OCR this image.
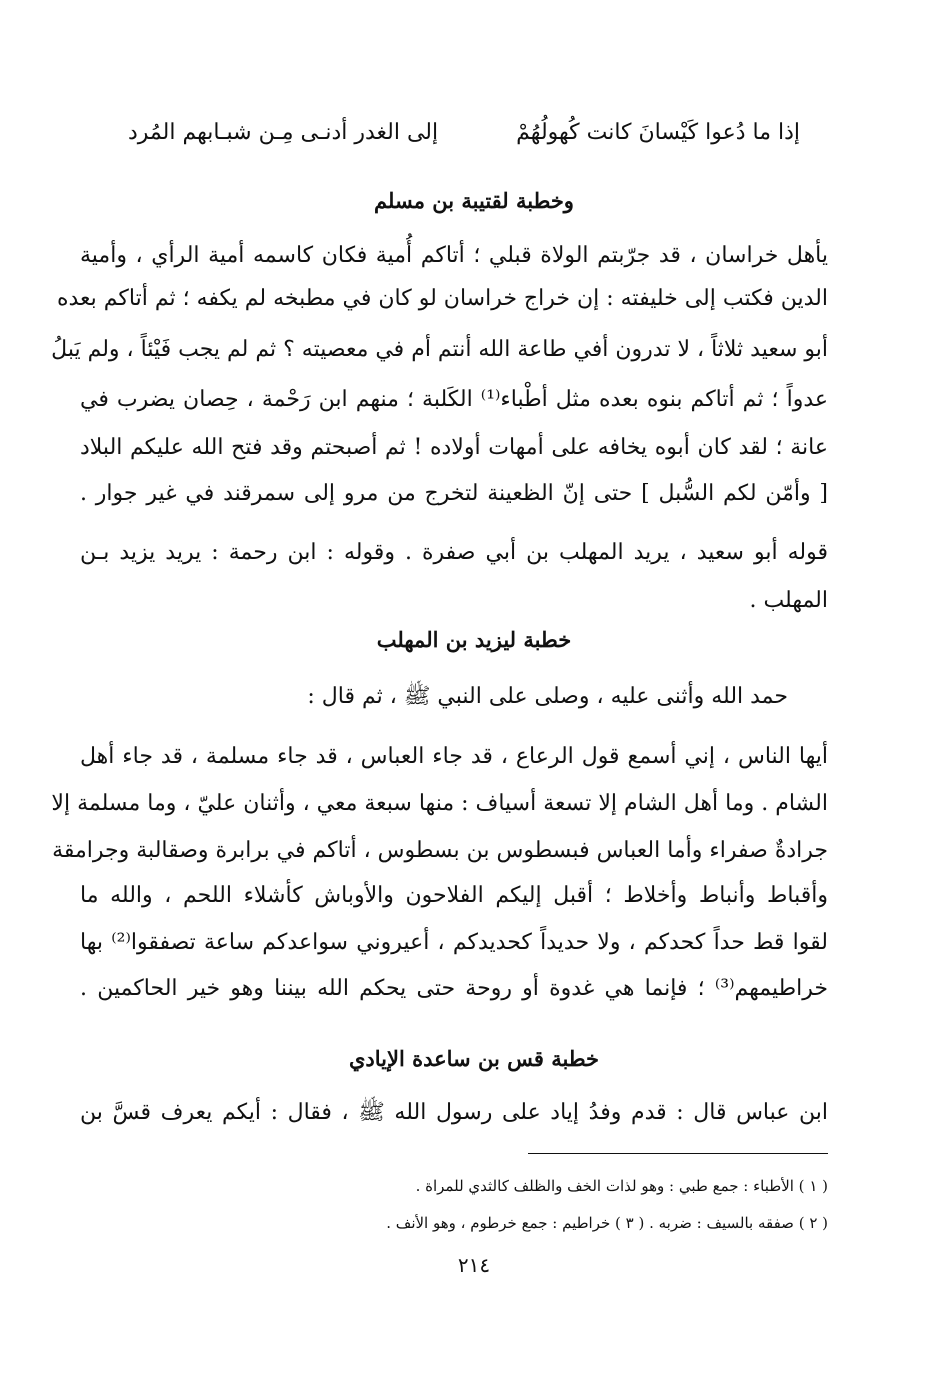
إذا ما دُعوا كَيْسانَ كانت كُهولُهُمْ
إلى الغدر أدنـى مِـن شبـابهم المُرد
وخطبة لقتيبة بن مسلم
يأهل خراسان ، قد جرّبتم الولاة قبلي ؛ أتاكم أُمية فكان كاسمه أمية الرأي ، وأمية
الدين فكتب إلى خليفته : إن خراج خراسان لو كان في مطبخه لم يكفه ؛ ثم أتاكم بعده
أبو سعيد ثلاثاً ، لا تدرون أفي طاعة الله أنتم أم في معصيته ؟ ثم لم يجب فَيْئاً ، ولم يَبلُ
عدواً ؛ ثم أتاكم بنوه بعده مثل أطْباء⁽¹⁾ الكَلبة ؛ منهم ابن رَحْمة ، حِصان يضرب في
عانة ؛ لقد كان أبوه يخافه على أمهات أولاده ! ثم أصبحتم وقد فتح الله عليكم البلاد
[ وأمّن لكم السُّبل ] حتى إنّ الظعينة لتخرج من مرو إلى سمرقند في غير جوار .
قوله أبو سعيد ، يريد المهلب بن أبي صفرة . وقوله : ابن رحمة : يريد يزيد بـن
المهلب .
خطبة ليزيد بن المهلب
حمد الله وأثنى عليه ، وصلى على النبي ﷺ ، ثم قال :
أيها الناس ، إني أسمع قول الرعاع ، قد جاء العباس ، قد جاء مسلمة ، قد جاء أهل
الشام . وما أهل الشام إلا تسعة أسياف : منها سبعة معي ، وأثنان عليّ ، وما مسلمة إلا
جرادةٌ صفراء وأما العباس فبسطوس بن بسطوس ، أتاكم في برابرة وصقالبة وجرامقة
وأقباط وأنباط وأخلاط ؛ أقبل إليكم الفلاحون والأوباش كأشلاء اللحم ، والله ما
لقوا قط حداً كحدكم ، ولا حديداً كحديدكم ، أعيروني سواعدكم ساعة تصفقوا⁽²⁾ بها
خراطيمهم⁽³⁾ ؛ فإنما هي غدوة أو روحة حتى يحكم الله بيننا وهو خير الحاكمين .
خطبة قس بن ساعدة الإيادي
ابن عباس قال : قدم وفدُ إياد على رسول الله ﷺ ، فقال : أيكم يعرف قسَّ بن
( ١ ) الأطباء : جمع طبي : وهو لذات الخف والظلف كالثدي للمراة .
( ٢ ) صفقه بالسيف : ضربه . ( ٣ ) خراطيم : جمع خرطوم ، وهو الأنف .
٢١٤
